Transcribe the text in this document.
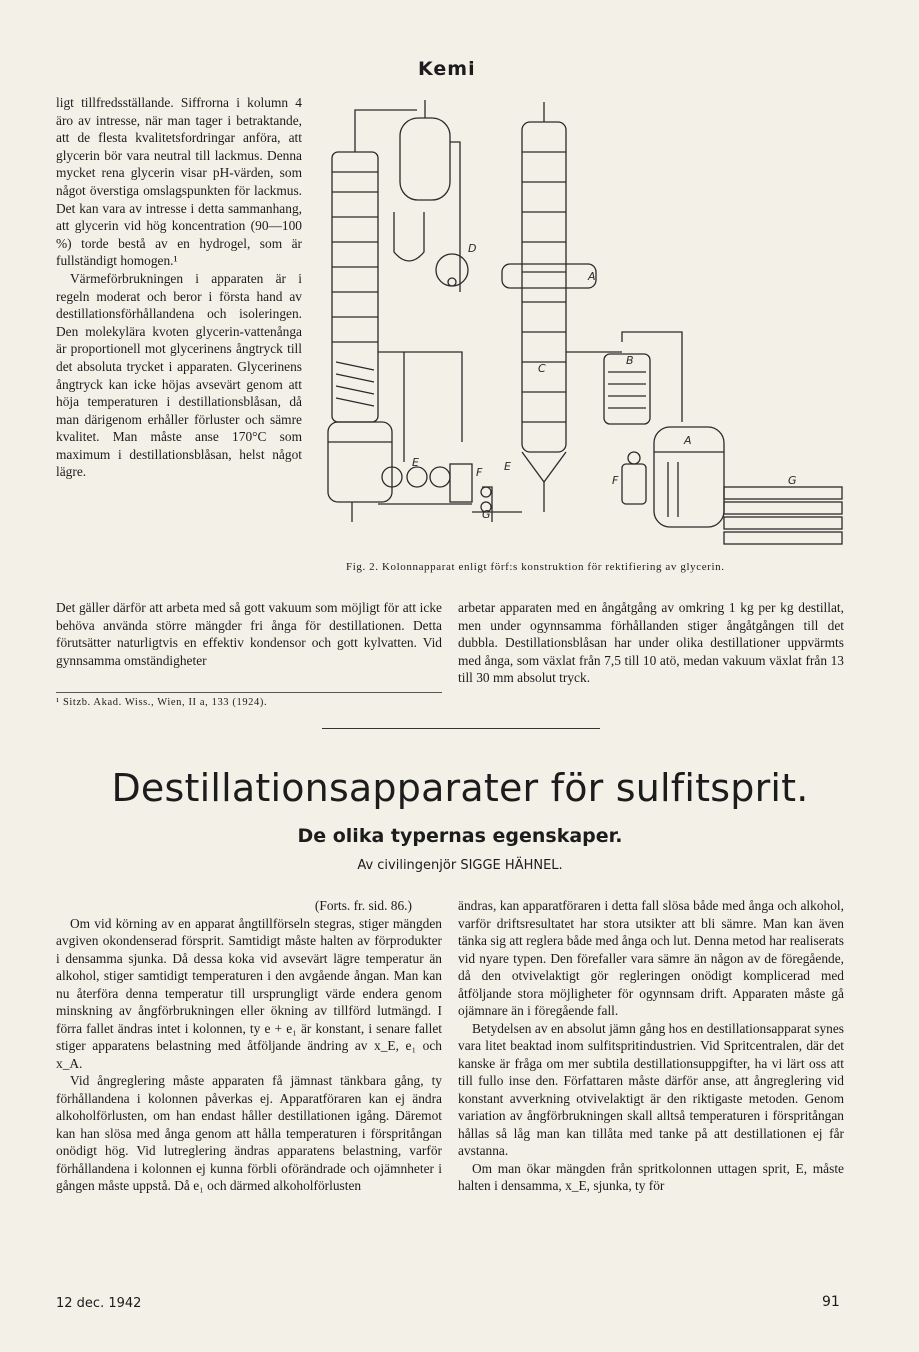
Kemi

ligt tillfredsställande. Siffrorna i kolumn 4 äro av intresse, när man tager i betraktande, att de flesta kvalitetsfordringar anföra, att glycerin bör vara neutral till lackmus. Denna mycket rena glycerin visar pH-värden, som något överstiga omslagspunkten för lackmus. Det kan vara av intresse i detta sammanhang, att glycerin vid hög koncentration (90—100 %) torde bestå av en hydrogel, som är fullständigt homogen.¹

Värmeförbrukningen i apparaten är i regeln moderat och beror i första hand av destillationsförhållandena och isoleringen. Den molekylära kvoten glycerin-vattenånga är proportionell mot glycerinens ångtryck till det absoluta trycket i apparaten. Glycerinens ångtryck kan icke höjas avsevärt genom att höja temperaturen i destillationsblåsan, då man därigenom erhåller förluster och sämre kvalitet. Man måste anse 170°C som maximum i destillationsblåsan, helst något lägre.

Det gäller därför att arbeta med så gott vakuum som möjligt för att icke behöva använda större mängder fri ånga för destillationen. Detta förutsätter naturligtvis en effektiv kondensor och gott kylvatten. Vid gynnsamma omständigheter

¹ Sitzb. Akad. Wiss., Wien, II a, 133 (1924).
D
A
B
C
E
F E
F
A
G
G
Fig. 2. Kolonnapparat enligt förf:s konstruktion för rektifiering av glycerin.

arbetar apparaten med en ångåtgång av omkring 1 kg per kg destillat, men under ogynnsamma förhållanden stiger ångåtgången till det dubbla. Destillationsblåsan har under olika destillationer uppvärmts med ånga, som växlat från 7,5 till 10 atö, medan vakuum växlat från 13 till 30 mm absolut tryck.

Destillationsapparater för sulfitsprit.
De olika typernas egenskaper.
Av civilingenjör SIGGE HÄHNEL.

(Forts. fr. sid. 86.)

Om vid körning av en apparat ångtillförseln stegras, stiger mängden avgiven okondenserad försprit. Samtidigt måste halten av förprodukter i densamma sjunka. Då dessa koka vid avsevärt lägre temperatur än alkohol, stiger samtidigt temperaturen i den avgående ångan. Man kan nu återföra denna temperatur till ursprungligt värde endera genom minskning av ångförbrukningen eller ökning av tillförd lutmängd. I förra fallet ändras intet i kolonnen, ty e + e₁ är konstant, i senare fallet stiger apparatens belastning med åtföljande ändring av x_E, e₁ och x_A.

Vid ångreglering måste apparaten få jämnast tänkbara gång, ty förhållandena i kolonnen påverkas ej. Apparatföraren kan ej ändra alkoholförlusten, om han endast håller destillationen igång. Däremot kan han slösa med ånga genom att hålla temperaturen i förspritångan onödigt hög. Vid lutreglering ändras apparatens belastning, varför förhållandena i kolonnen ej kunna förbli oförändrade och ojämnheter i gången måste uppstå. Då e₁ och därmed alkoholförlusten

ändras, kan apparatföraren i detta fall slösa både med ånga och alkohol, varför driftsresultatet har stora utsikter att bli sämre. Man kan även tänka sig att reglera både med ånga och lut. Denna metod har realiserats vid nyare typen. Den förefaller vara sämre än någon av de föregående, då den otvivelaktigt gör regleringen onödigt komplicerad med åtföljande stora möjligheter för ogynnsam drift. Apparaten måste gå ojämnare än i föregående fall.

Betydelsen av en absolut jämn gång hos en destillationsapparat synes vara litet beaktad inom sulfitspritindustrien. Vid Spritcentralen, där det kanske är fråga om mer subtila destillationsuppgifter, ha vi lärt oss att till fullo inse den. Författaren måste därför anse, att ångreglering vid konstant avverkning otvivelaktigt är den riktigaste metoden. Genom variation av ångförbrukningen skall alltså temperaturen i förspritångan hållas så låg man kan tillåta med tanke på att destillationen ej får avstanna.

Om man ökar mängden från spritkolonnen uttagen sprit, E, måste halten i densamma, x_E, sjunka, ty för

12 dec. 1942	91
